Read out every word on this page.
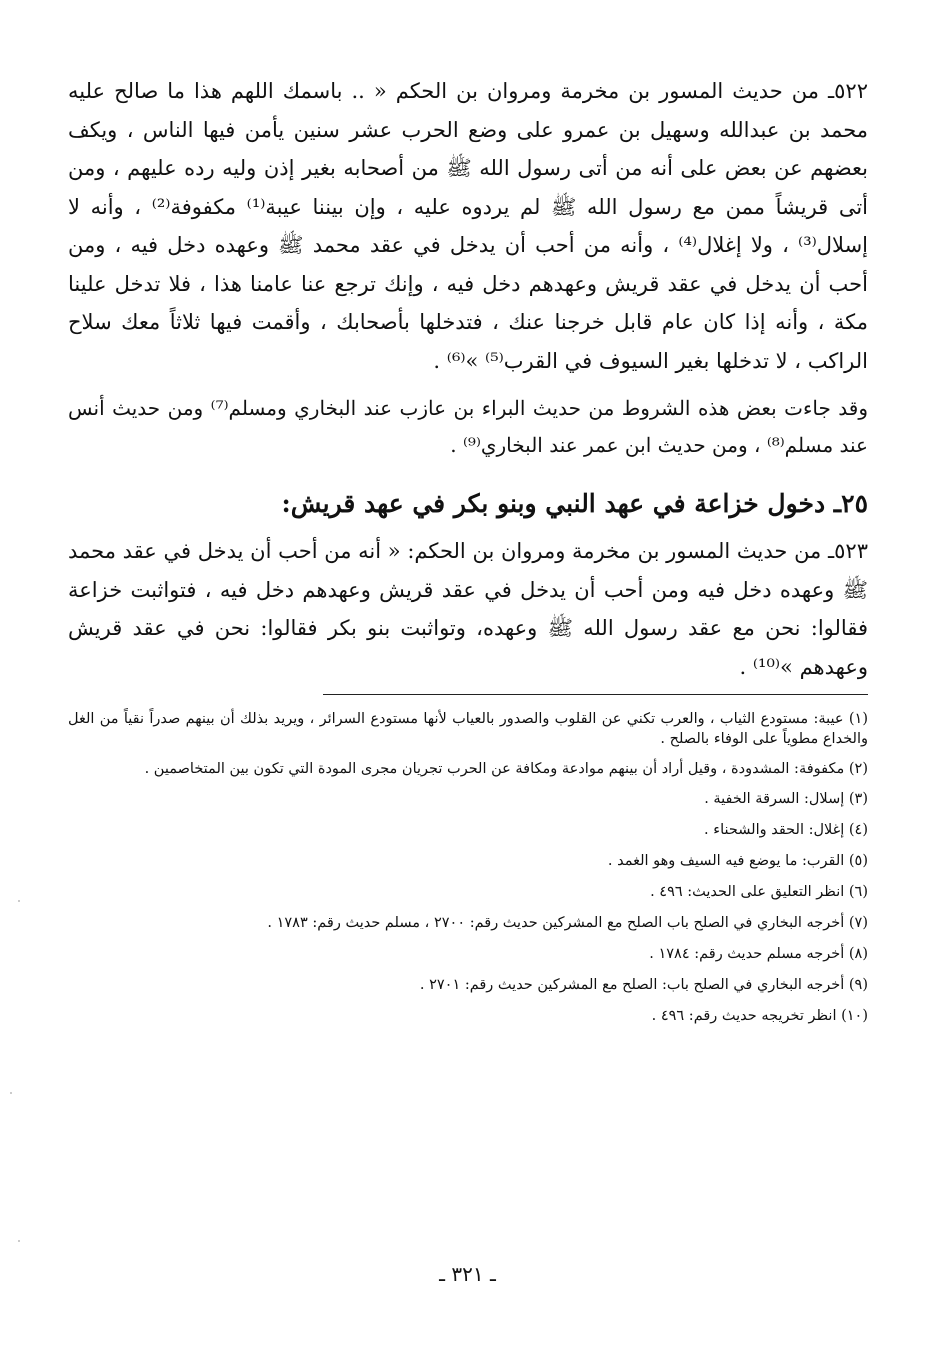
٥٢٢ـ من حديث المسور بن مخرمة ومروان بن الحكم « .. باسمك اللهم هذا ما صالح عليه محمد بن عبدالله وسهيل بن عمرو على وضع الحرب عشر سنين يأمن فيها الناس ، ويكف بعضهم عن بعض على أنه من أتى رسول الله ﷺ من أصحابه بغير إذن وليه رده عليهم ، ومن أتى قريشاً ممن مع رسول الله ﷺ لم يردوه عليه ، وإن بيننا عيبة⁽¹⁾ مكفوفة⁽²⁾ ، وأنه لا إسلال⁽³⁾ ، ولا إغلال⁽⁴⁾ ، وأنه من أحب أن يدخل في عقد محمد ﷺ وعهده دخل فيه ، ومن أحب أن يدخل في عقد قريش وعهدهم دخل فيه ، وإنك ترجع عنا عامنا هذا ، فلا تدخل علينا مكة ، وأنه إذا كان عام قابل خرجنا عنك ، فتدخلها بأصحابك ، وأقمت فيها ثلاثاً معك سلاح الراكب ، لا تدخلها بغير السيوف في القرب⁽⁵⁾ »⁽⁶⁾ .

وقد جاءت بعض هذه الشروط من حديث البراء بن عازب عند البخاري ومسلم⁽⁷⁾ ومن حديث أنس عند مسلم⁽⁸⁾ ، ومن حديث ابن عمر عند البخاري⁽⁹⁾ .

٢٥ـ دخول خزاعة في عهد النبي وبنو بكر في عهد قريش:

٥٢٣ـ من حديث المسور بن مخرمة ومروان بن الحكم: « أنه من أحب أن يدخل في عقد محمد ﷺ وعهده دخل فيه ومن أحب أن يدخل في عقد قريش وعهدهم دخل فيه ، فتواثبت خزاعة فقالوا: نحن مع عقد رسول الله ﷺ وعهده، وتواثبت بنو بكر فقالوا: نحن في عقد قريش وعهدهم »⁽¹⁰⁾ .

(١) عيبة: مستودع الثياب ، والعرب تكني عن القلوب والصدور بالعياب لأنها مستودع السرائر ، ويريد بذلك أن بينهم صدراً نقياً من الغل والخداع مطوياً على الوفاء بالصلح .

(٢) مكفوفة: المشدودة ، وقيل أراد أن بينهم موادعة ومكافة عن الحرب تجريان مجرى المودة التي تكون بين المتخاصمين .

(٣) إسلال: السرقة الخفية .

(٤) إغلال: الحقد والشحناء .

(٥) القرب: ما يوضع فيه السيف وهو الغمد .

(٦) انظر التعليق على الحديث: ٤٩٦ .

(٧) أخرجه البخاري في الصلح باب الصلح مع المشركين حديث رقم: ٢٧٠٠ ، مسلم حديث رقم: ١٧٨٣ .

(٨) أخرجه مسلم حديث رقم: ١٧٨٤ .

(٩) أخرجه البخاري في الصلح باب: الصلح مع المشركين حديث رقم: ٢٧٠١ .

(١٠) انظر تخريجه حديث رقم: ٤٩٦ .

ـ ٣٢١ ـ
